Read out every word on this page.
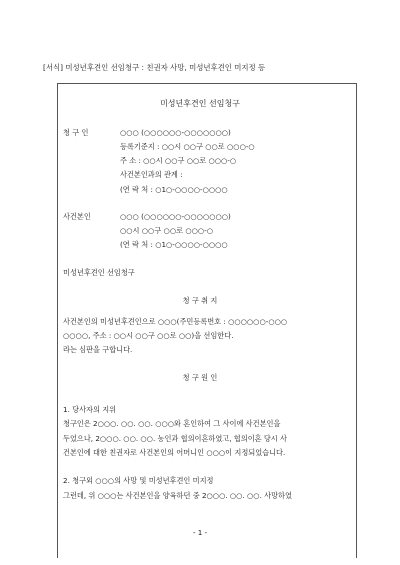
[서식] 미성년후견인 선임청구 : 친권자 사망, 미성년후견인 미지정 등
미성년후견인 선임청구
청 구 인	○○○ (○○○○○○-○○○○○○○)
등록기준지 : ○○시 ○○구 ○○로 ○○○-○
주 소 : ○○시 ○○구 ○○로 ○○○-○
사건본인과의 관계 :
(연 락 처 : ○1○-○○○○-○○○○
사건본인	○○○ (○○○○○○-○○○○○○○)
○○시 ○○구 ○○로 ○○○-○
(연 락 처 : ○1○-○○○○-○○○○
미성년후견인 선임청구
청 구 취 지
사건본인의 미성년후견인으로 ○○○(주민등록번호 : ○○○○○○-○○○
○○○○, 주소 : ○○시 ○○구 ○○로 ○○)을 선임한다.
라는 심판을 구합니다.
청 구 원 인
1. 당사자의 지위
청구인은 2○○○. ○○. ○○. ○○○와 혼인하여 그 사이에 사건본인을
두었으나, 2○○○. ○○. ○○. 농인과 협의이혼하였고, 협의이혼 당시 사
건본인에 대한 친권자로 사건본인의 어머니인 ○○○이 지정되었습니다.
2. 청구외 ○○○의 사망 및 미성년후견인 미지정
그런데, 위 ○○○는 사건본인을 양육하던 중 2○○○. ○○. ○○. 사망하였
- 1 -
